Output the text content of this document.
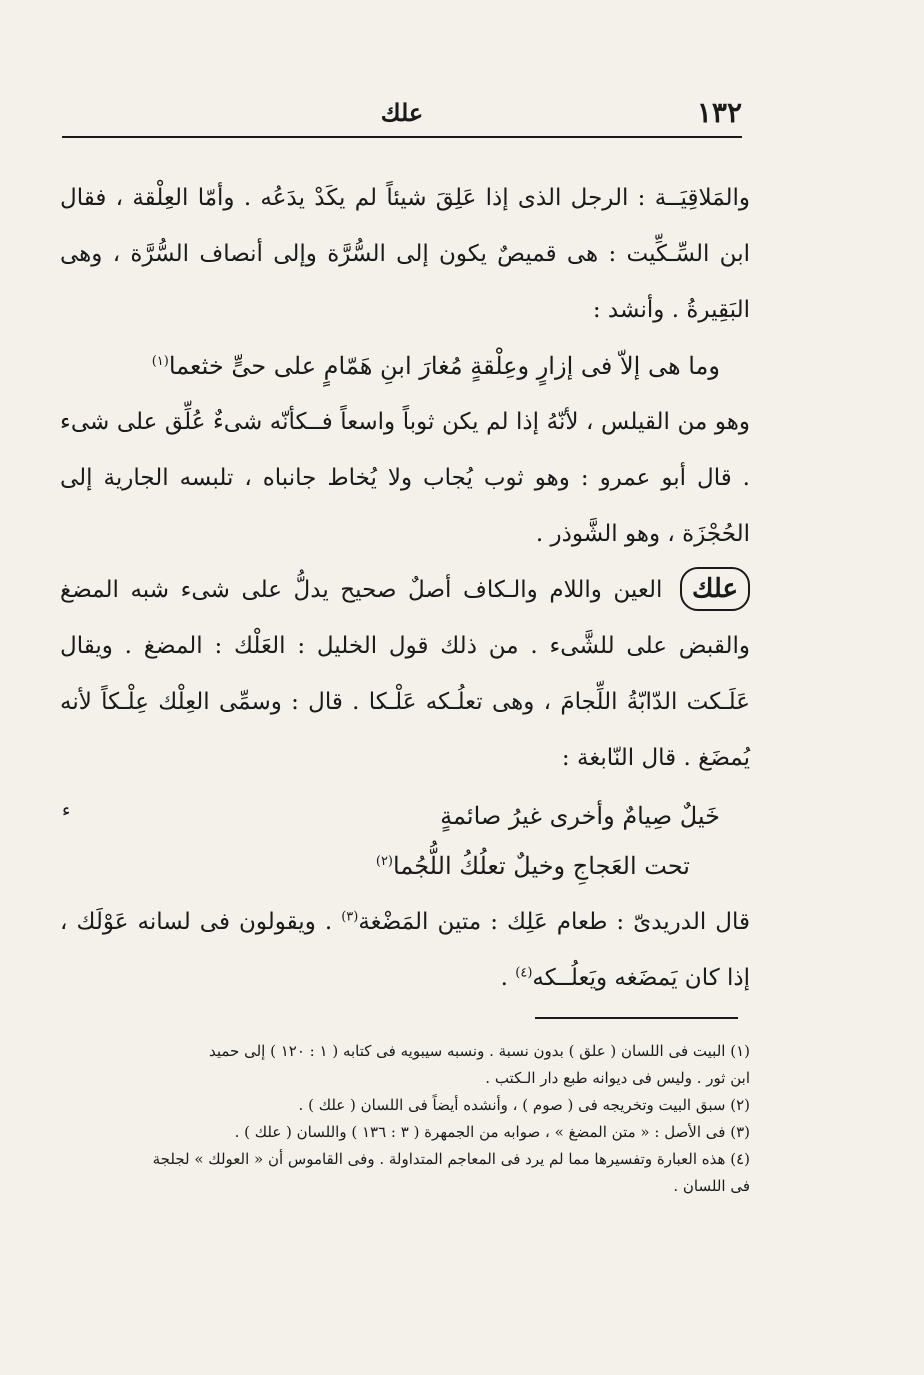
١٣٢
علك

والمَلاقِيَــة : الرجل الذى إذا عَلِقَ شيئاً لم يكَدْ يدَعُه . وأمّا العِلْقة ، فقال ابن السِّـكِّيت : هى قميصٌ يكون إلى السُّرَّة وإلى أنصاف السُّرَّة ، وهى البَقِيرةُ . وأنشد :

وما هى إلاّ فى إزارٍ وعِلْقةٍ مُغارَ ابنِ هَمّامٍ على حىٍّ خثعما$^{(١)}$

وهو من القيلس ، لأنّهُ إذا لم يكن ثوباً واسعاً فــكأنّه شىءٌ عُلِّق على شىء . قال أبو عمرو : وهو ثوب يُجاب ولا يُخاط جانباه ، تلبسه الجارية إلى الحُجْزَة ، وهو الشَّوذر .

علك العين واللام والـكاف أصلٌ صحيح يدلُّ على شىء شبه المضغ والقبض على للشَّىء . من ذلك قول الخليل : العَلْك : المضغ . ويقال عَلَـكت الدّابّةُ اللِّجامَ ، وهى تعلُـكه عَلْـكا . قال : وسمِّى العِلْك عِلْـكاً لأنه يُمضَغ . قال النّابغة :

خَيلٌ صِيامٌ وأخرى غيرُ صائمةٍ

تحت العَجاجِ وخيلٌ تعلُكُ اللُّجُما$^{(٢)}$

قال الدريدىّ : طعام عَلِك : متين المَضْغة$^{(٣)}$ . ويقولون فى لسانه عَوْلَك ، إذا كان يَمضَغه ويَعلُــكه$^{(٤)}$ .

ء

(١) البيت فى اللسان ( علق ) بدون نسبة . ونسبه سيبويه فى كتابه ( ١ : ١٢٠ ) إلى حميد

ابن ثور . وليس فى ديوانه طبع دار الـكتب .

(٢) سبق البيت وتخريجه فى ( صوم ) ، وأنشده أيضاً فى اللسان ( علك ) .

(٣) فى الأصل : « متن المضغ » ، صوابه من الجمهرة ( ٣ : ١٣٦ ) واللسان ( علك ) .

(٤) هذه العبارة وتفسيرها مما لم يرد فى المعاجم المتداولة . وفى القاموس أن « العولك » لجلجة

فى اللسان .
